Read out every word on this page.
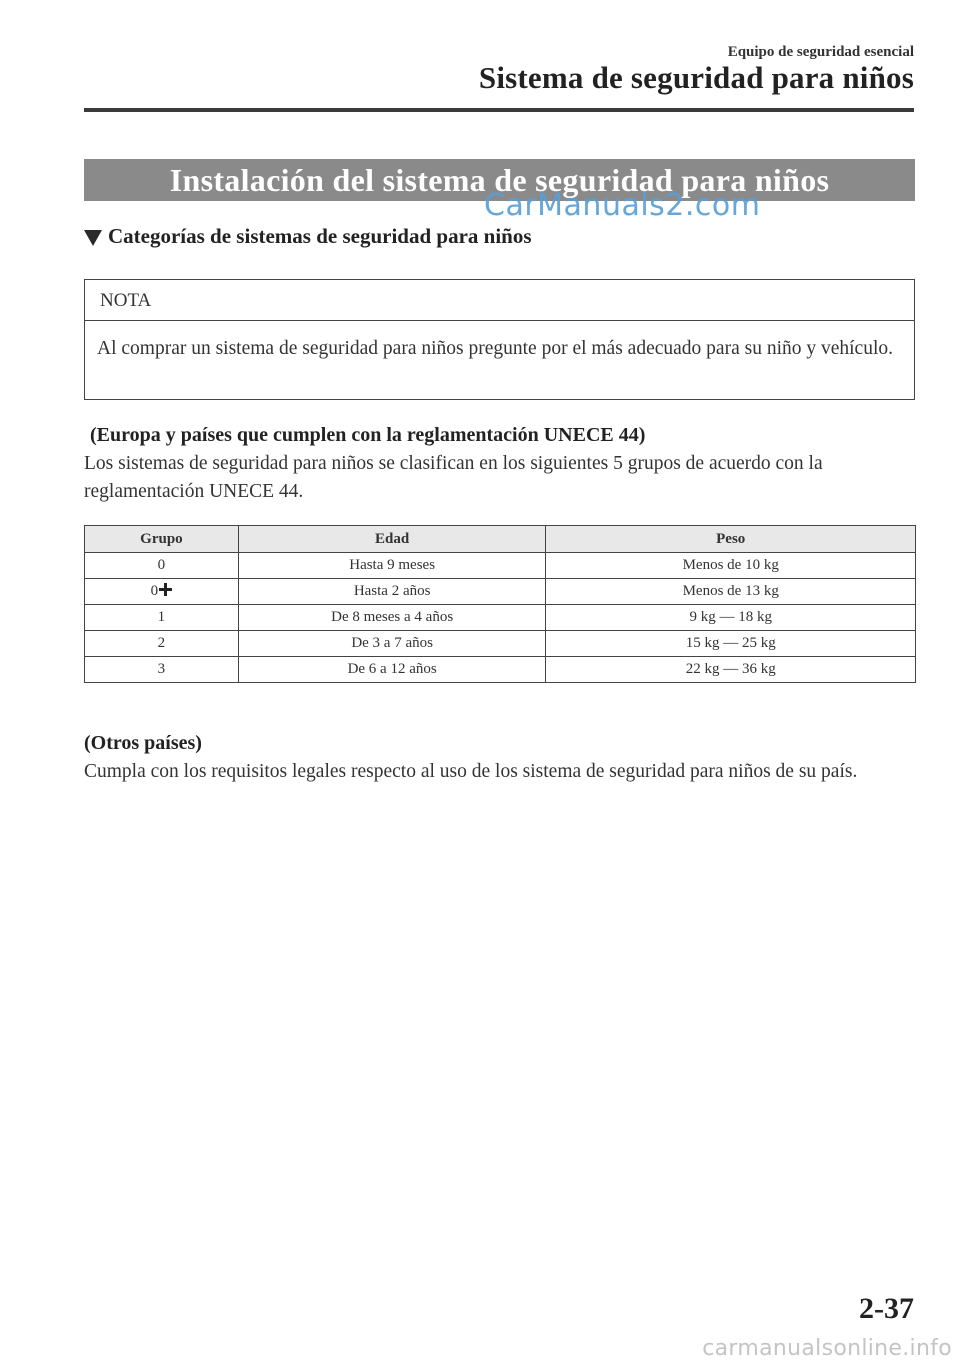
Equipo de seguridad esencial
Sistema de seguridad para niños
Instalación del sistema de seguridad para niños
CarManuals2.com
Categorías de sistemas de seguridad para niños
NOTA
Al comprar un sistema de seguridad para niños pregunte por el más adecuado para su niño y vehículo.
(Europa y países que cumplen con la reglamentación UNECE 44)
Los sistemas de seguridad para niños se clasifican en los siguientes 5 grupos de acuerdo con la reglamentación UNECE 44.
Grupo	Edad	Peso
0	Hasta 9 meses	Menos de 10 kg
0	Hasta 2 años	Menos de 13 kg
1	De 8 meses a 4 años	9 kg — 18 kg
2	De 3 a 7 años	15 kg — 25 kg
3	De 6 a 12 años	22 kg — 36 kg
(Otros países)
Cumpla con los requisitos legales respecto al uso de los sistema de seguridad para niños de su país.
2-37
carmanualsonline.info
